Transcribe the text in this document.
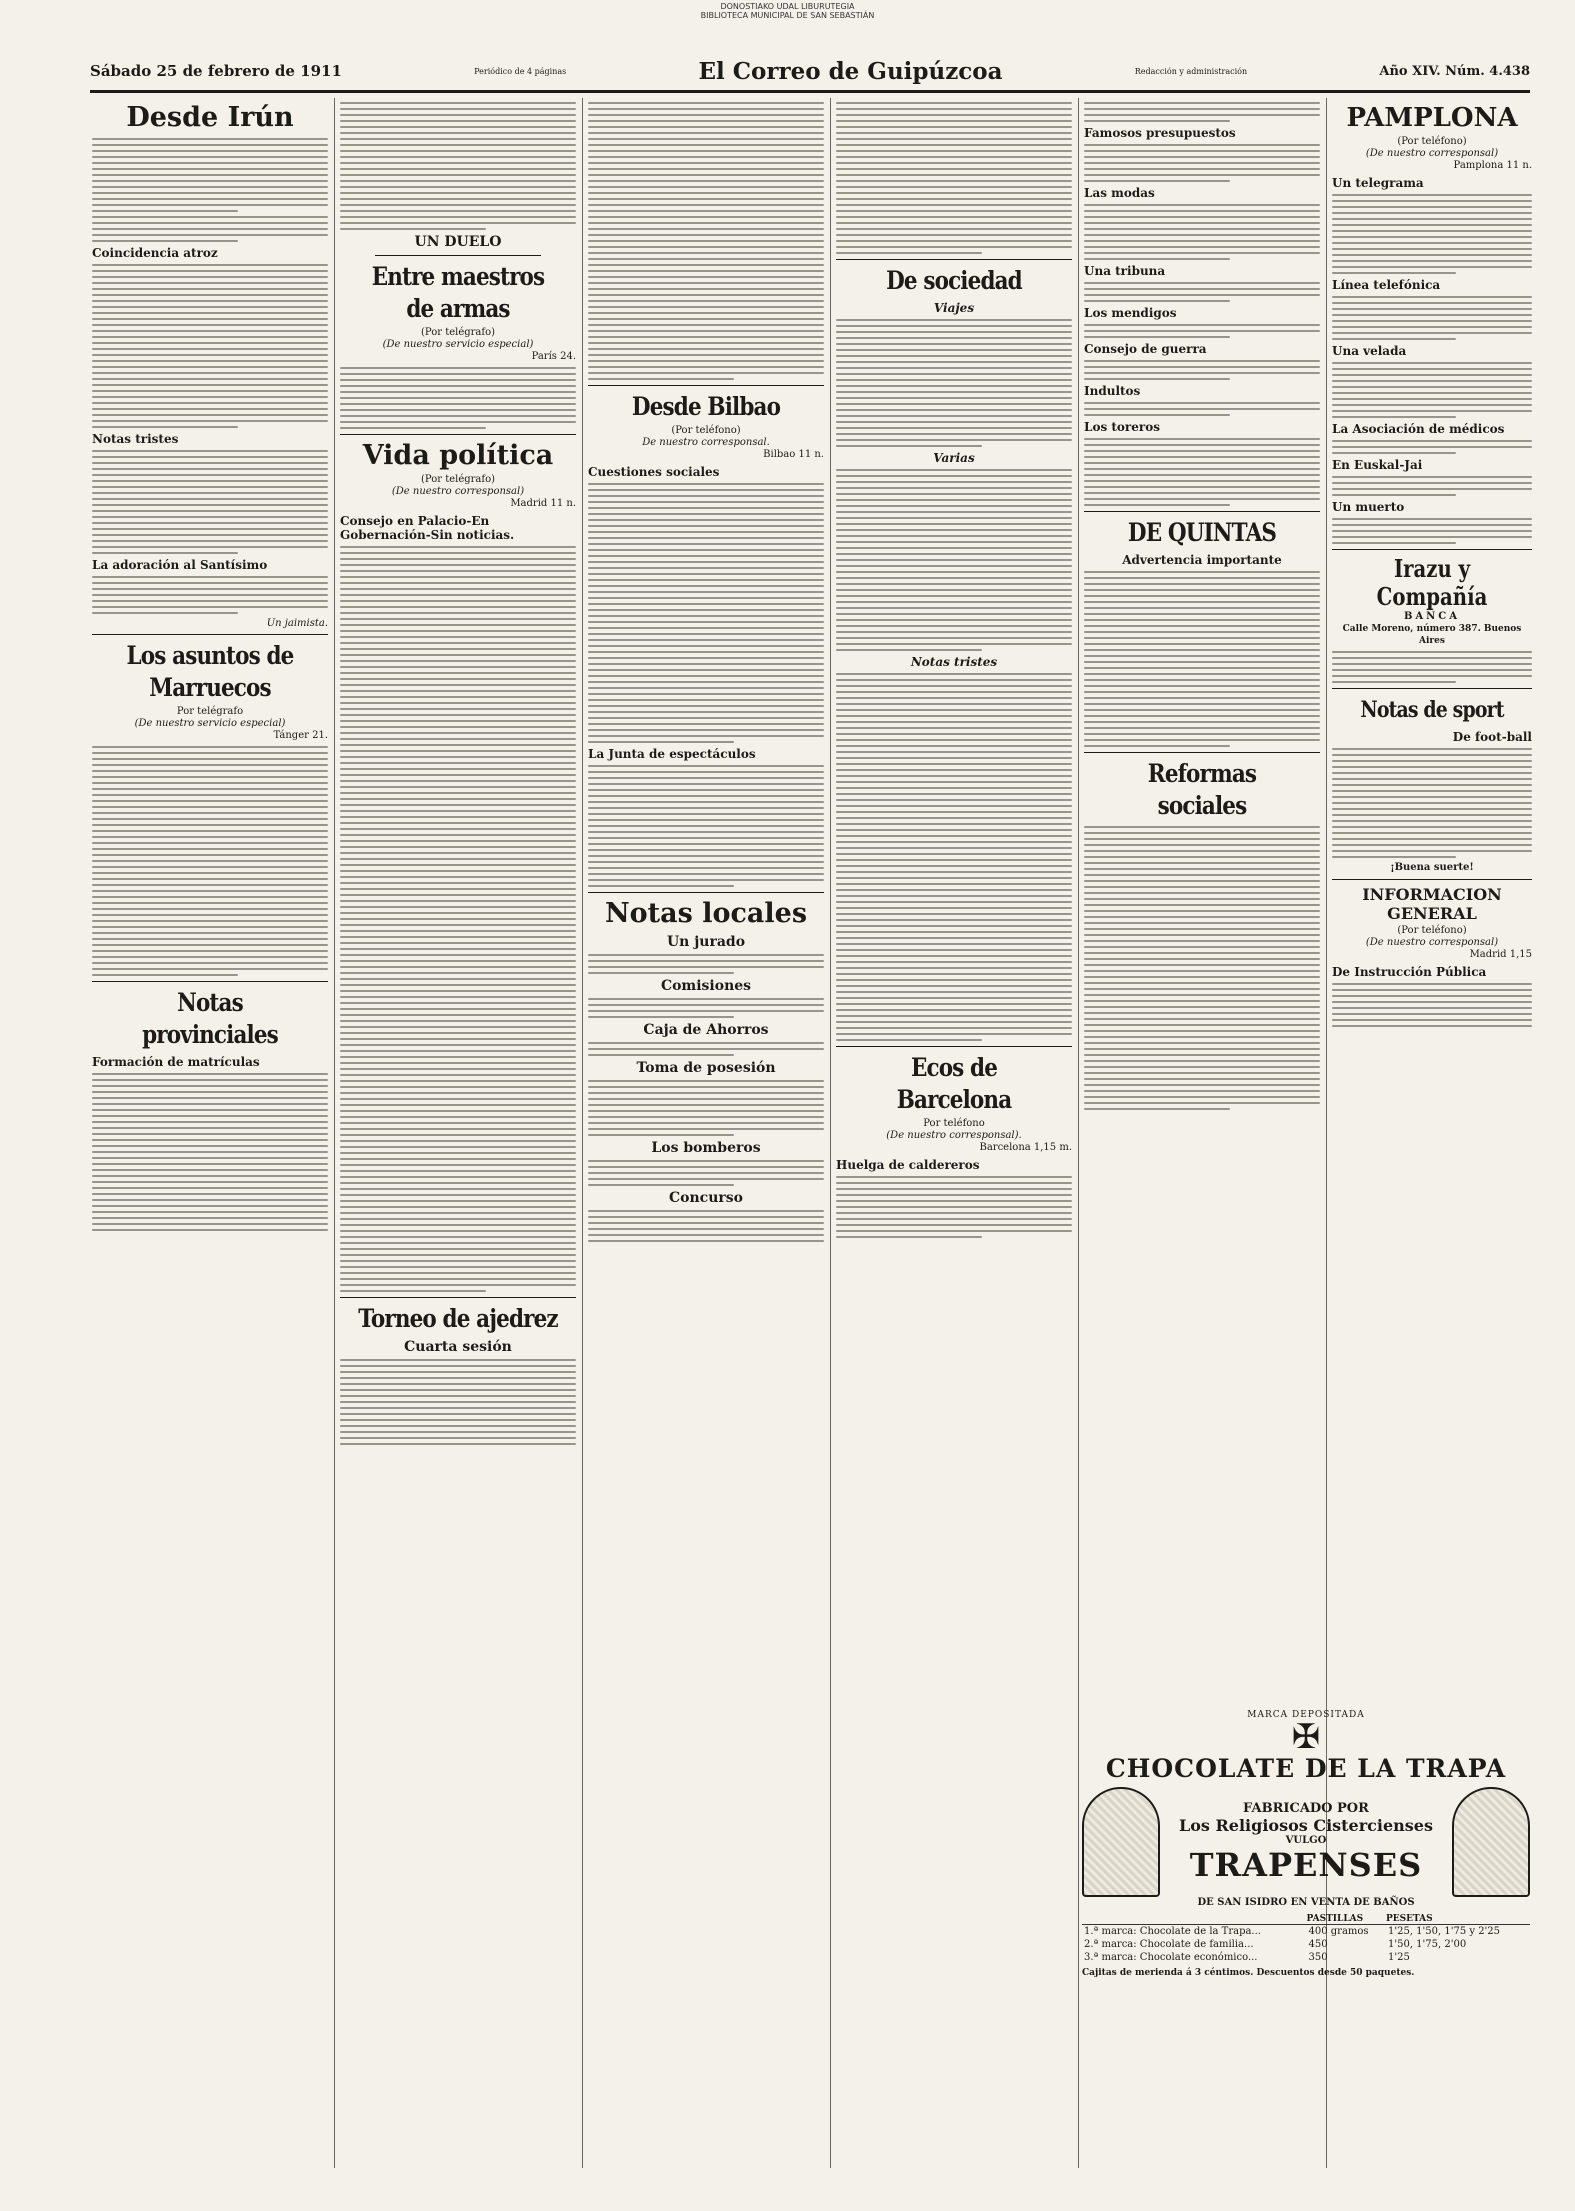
DONOSTIAKO UDAL LIBURUTEGIA
BIBLIOTECA MUNICIPAL DE SAN SEBASTIÁN
Sábado 25 de febrero de 1911	Periódico de 4 páginas	El Correo de Guipúzcoa	Redacción y administración	Año XIV. Núm. 4.438
Desde Irún
Coincidencia atroz
Notas tristes
La adoración al Santísimo
Un jaimista.
Los asuntos de Marruecos
Por telégrafo
(De nuestro servicio especial)
Tánger 21.
Notas provinciales
Formación de matrículas
UN DUELO
Entre maestros de armas
(Por telégrafo)
(De nuestro servicio especial)
París 24.
Vida política
(Por telégrafo)
(De nuestro corresponsal)
Madrid 11 n.
Consejo en Palacio-En Gobernación-Sin noticias.
Torneo de ajedrez
Cuarta sesión
Desde Bilbao
(Por teléfono)
De nuestro corresponsal.
Bilbao 11 n.
Cuestiones sociales
La Junta de espectáculos
Notas locales
Un jurado
Comisiones
Caja de Ahorros
Toma de posesión
Los bomberos
Concurso
De sociedad
Viajes
Varias
Notas tristes
Ecos de Barcelona
Por teléfono
(De nuestro corresponsal).
Barcelona 1,15 m.
Huelga de caldereros
Famosos presupuestos
Las modas
Una tribuna
Los mendigos
Consejo de guerra
Indultos
Los toreros
DE QUINTAS
Advertencia importante
Reformas sociales
PAMPLONA
(Por teléfono)
(De nuestro corresponsal)
Pamplona 11 n.
Un telegrama
Línea telefónica
Una velada
La Asociación de médicos
En Euskal-Jai
Un muerto
Irazu y Compañía
BANCA
Calle Moreno, número 387. Buenos Aires
Notas de sport
De foot-ball
¡Buena suerte!
INFORMACION GENERAL
(Por teléfono)
(De nuestro corresponsal)
Madrid 1,15
De Instrucción Pública
MARCA DEPOSITADA
✠
CHOCOLATE DE LA TRAPA
FABRICADO POR
Los Religiosos Cistercienses
VULGO
TRAPENSES
DE SAN ISIDRO EN VENTA DE BAÑOS
	PASTILLAS	PESETAS
1.ª marca: Chocolate de la Trapa...	400 gramos	1'25, 1'50, 1'75 y 2'25
2.ª marca: Chocolate de familia...	450	1'50, 1'75, 2'00
3.ª marca: Chocolate económico...	350	1'25
Cajitas de merienda á 3 céntimos. Descuentos desde 50 paquetes.
